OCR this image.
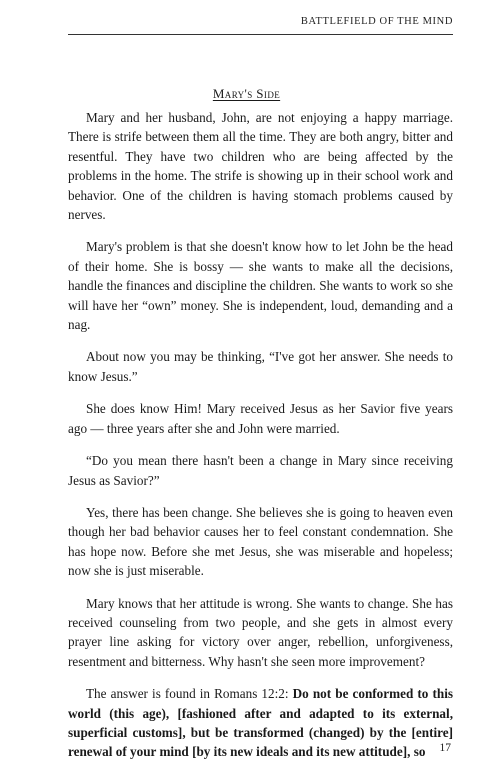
BATTLEFIELD OF THE MIND
Mary's Side

Mary and her husband, John, are not enjoying a happy marriage. There is strife between them all the time. They are both angry, bitter and resentful. They have two children who are being affected by the problems in the home. The strife is showing up in their school work and behavior. One of the children is having stomach problems caused by nerves.

Mary's problem is that she doesn't know how to let John be the head of their home. She is bossy — she wants to make all the decisions, handle the finances and discipline the children. She wants to work so she will have her “own” money. She is independent, loud, demanding and a nag.

About now you may be thinking, “I've got her answer. She needs to know Jesus.”

She does know Him! Mary received Jesus as her Savior five years ago — three years after she and John were married.

“Do you mean there hasn't been a change in Mary since receiving Jesus as Savior?”

Yes, there has been change. She believes she is going to heaven even though her bad behavior causes her to feel constant condemnation. She has hope now. Before she met Jesus, she was miserable and hopeless; now she is just miserable.

Mary knows that her attitude is wrong. She wants to change. She has received counseling from two people, and she gets in almost every prayer line asking for victory over anger, rebellion, unforgiveness, resentment and bitterness. Why hasn't she seen more improvement?

The answer is found in Romans 12:2: Do not be conformed to this world (this age), [fashioned after and adapted to its external, superficial customs], but be transformed (changed) by the [entire] renewal of your mind [by its new ideals and its new attitude], so	17
